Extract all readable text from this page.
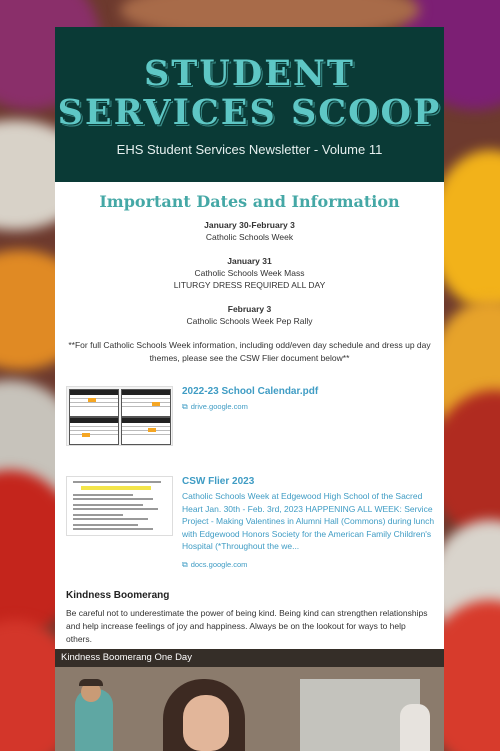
STUDENT
SERVICES SCOOP
EHS Student Services Newsletter - Volume 11
Important Dates and Information
January 30-February 3
Catholic Schools Week
January 31
Catholic Schools Week Mass
LITURGY DRESS REQUIRED ALL DAY
February 3
Catholic Schools Week Pep Rally
**For full Catholic Schools Week information, including odd/even day schedule and dress up day themes, please see the CSW Flier document below**
2022-23 School Calendar.pdf
⧉ drive.google.com
CSW Flier 2023
Catholic Schools Week at Edgewood High School of the Sacred Heart Jan. 30th - Feb. 3rd, 2023 HAPPENING ALL WEEK: Service Project - Making Valentines in Alumni Hall (Commons) during lunch with Edgewood Honors Society for the American Family Children's Hospital (*Throughout the we...
⧉ docs.google.com
Kindness Boomerang
Be careful not to underestimate the power of being kind. Being kind can strengthen relationships and help increase feelings of joy and happiness. Always be on the lookout for ways to help others.
Kindness Boomerang One Day
